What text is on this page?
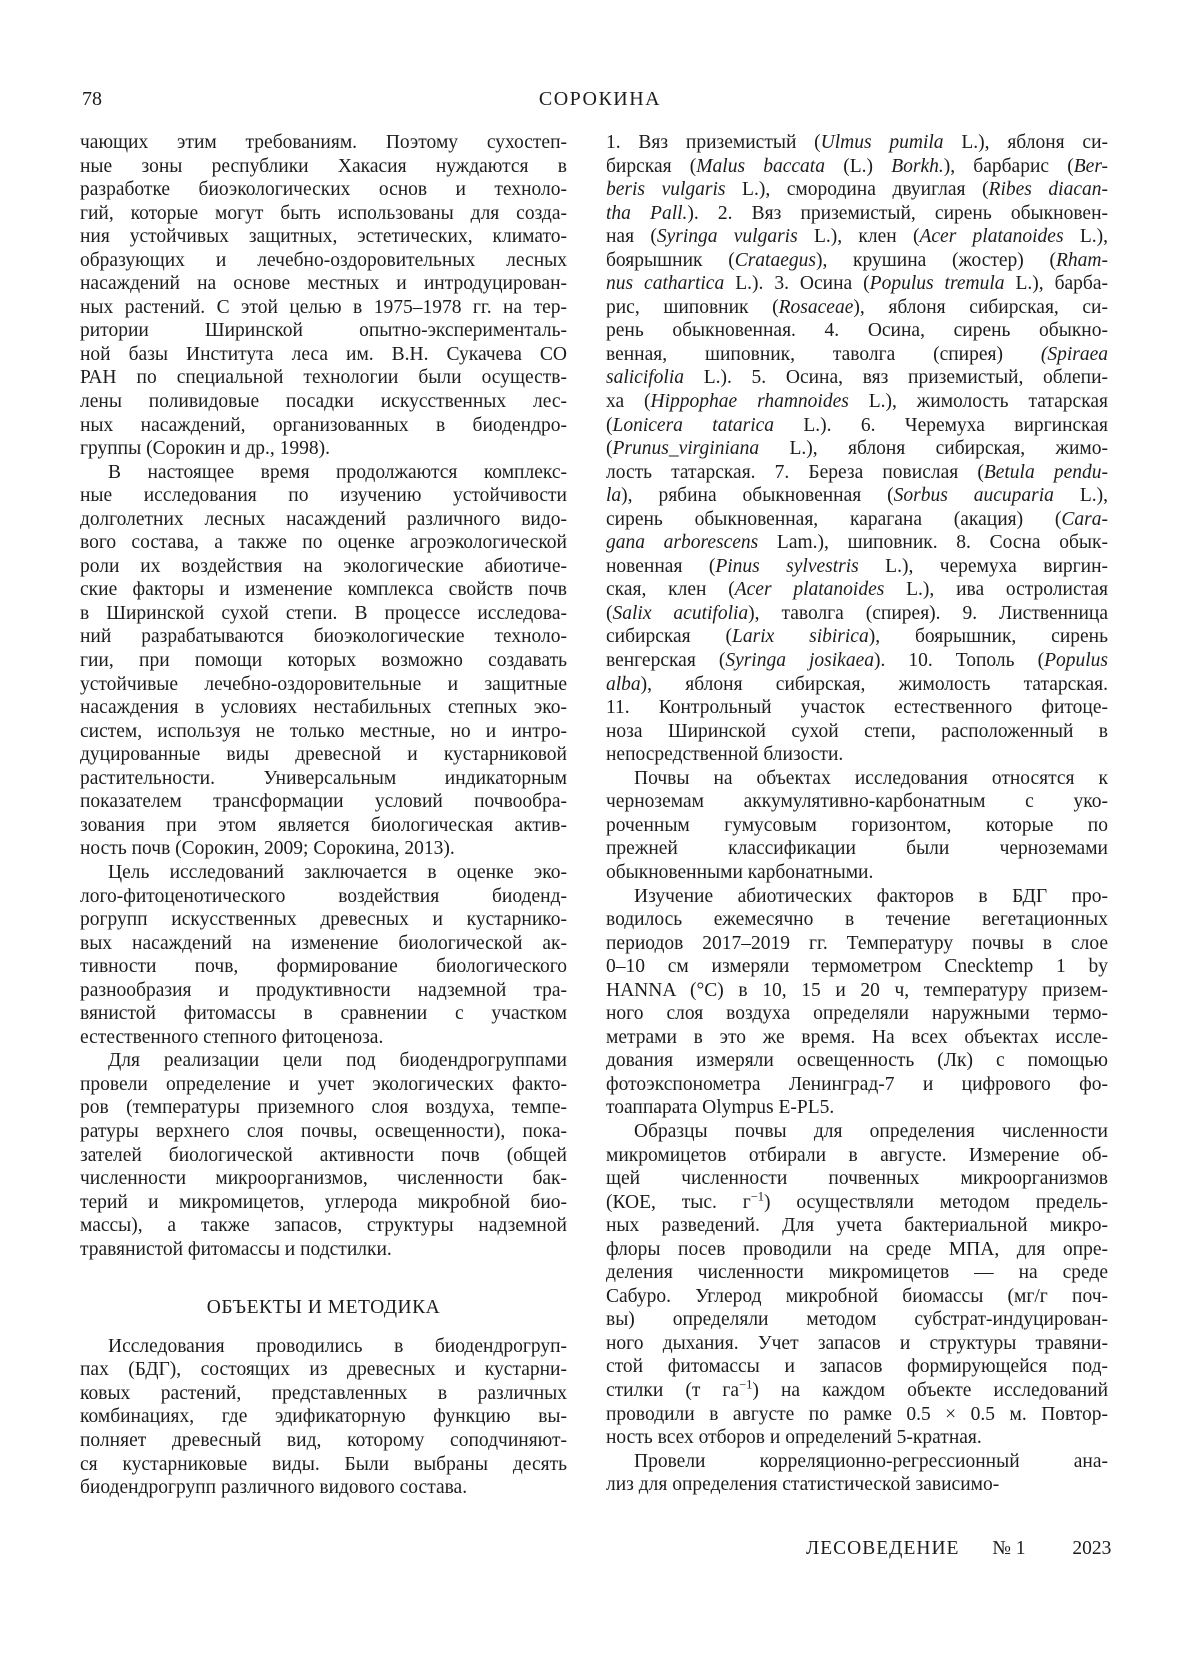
78	СОРОКИНА
чающих этим требованиям. Поэтому сухостеп-
ные зоны республики Хакасия нуждаются в
разработке биоэкологических основ и техноло-
гий, которые могут быть использованы для созда-
ния устойчивых защитных, эстетических, климато-
образующих и лечебно-оздоровительных лесных
насаждений на основе местных и интродуцирован-
ных растений. С этой целью в 1975–1978 гг. на тер-
ритории Ширинской опытно-эксперименталь-
ной базы Института леса им. В.Н. Сукачева СО
РАН по специальной технологии были осуществ-
лены поливидовые посадки искусственных лес-
ных насаждений, организованных в биодендро-
группы (Сорокин и др., 1998).
В настоящее время продолжаются комплекс-
ные исследования по изучению устойчивости
долголетних лесных насаждений различного видо-
вого состава, а также по оценке агроэкологической
роли их воздействия на экологические абиотиче-
ские факторы и изменение комплекса свойств почв
в Ширинской сухой степи. В процессе исследова-
ний разрабатываются биоэкологические техноло-
гии, при помощи которых возможно создавать
устойчивые лечебно-оздоровительные и защитные
насаждения в условиях нестабильных степных эко-
систем, используя не только местные, но и интро-
дуцированные виды древесной и кустарниковой
растительности. Универсальным индикаторным
показателем трансформации условий почвообра-
зования при этом является биологическая актив-
ность почв (Сорокин, 2009; Сорокина, 2013).
Цель исследований заключается в оценке эко-
лого-фитоценотического воздействия биоденд-
рогрупп искусственных древесных и кустарнико-
вых насаждений на изменение биологической ак-
тивности почв, формирование биологического
разнообразия и продуктивности надземной тра-
вянистой фитомассы в сравнении с участком
естественного степного фитоценоза.
Для реализации цели под биодендрогруппами
провели определение и учет экологических факто-
ров (температуры приземного слоя воздуха, темпе-
ратуры верхнего слоя почвы, освещенности), пока-
зателей биологической активности почв (общей
численности микроорганизмов, численности бак-
терий и микромицетов, углерода микробной био-
массы), а также запасов, структуры надземной
травянистой фитомассы и подстилки.
ОБЪЕКТЫ И МЕТОДИКА
Исследования проводились в биодендрогруп-
пах (БДГ), состоящих из древесных и кустарни-
ковых растений, представленных в различных
комбинациях, где эдификаторную функцию вы-
полняет древесный вид, которому соподчиняют-
ся кустарниковые виды. Были выбраны десять
биодендрогрупп различного видового состава.
1. Вяз приземистый (Ulmus pumila L.), яблоня си-
бирская (Malus baccata (L.) Borkh.), барбарис (Ber-
beris vulgaris L.), смородина двуиглая (Ribes diacan-
tha Pall.). 2. Вяз приземистый, сирень обыкновен-
ная (Syringa vulgaris L.), клен (Acer platanoides L.),
боярышник (Crataegus), крушина (жостер) (Rham-
nus cathartica L.). 3. Осина (Populus tremula L.), барба-
рис, шиповник (Rosaceae), яблоня сибирская, си-
рень обыкновенная. 4. Осина, сирень обыкно-
венная, шиповник, таволга (спирея) (Spiraea
salicifolia L.). 5. Осина, вяз приземистый, облепи-
ха (Hippophae rhamnoides L.), жимолость татарская
(Lonicera tatarica L.). 6. Черемуха виргинская
(Prunus_virginiana L.), яблоня сибирская, жимо-
лость татарская. 7. Береза повислая (Betula pendu-
la), рябина обыкновенная (Sorbus aucuparia L.),
сирень обыкновенная, карагана (акация) (Cara-
gana arborescens Lam.), шиповник. 8. Сосна обык-
новенная (Pinus sylvestris L.), черемуха виргин-
ская, клен (Acer platanoides L.), ива остролистая
(Salix acutifolia), таволга (спирея). 9. Лиственница
сибирская (Larix sibirica), боярышник, сирень
венгерская (Syringa josikaea). 10. Тополь (Populus
alba), яблоня сибирская, жимолость татарская.
11. Контрольный участок естественного фитоце-
ноза Ширинской сухой степи, расположенный в
непосредственной близости.
Почвы на объектах исследования относятся к
черноземам аккумулятивно-карбонатным с уко-
роченным гумусовым горизонтом, которые по
прежней классификации были черноземами
обыкновенными карбонатными.
Изучение абиотических факторов в БДГ про-
водилось ежемесячно в течение вегетационных
периодов 2017–2019 гг. Температуру почвы в слое
0–10 см измеряли термометром Cnecktemp 1 by
HANNA (°C) в 10, 15 и 20 ч, температуру призем-
ного слоя воздуха определяли наружными термо-
метрами в это же время. На всех объектах иссле-
дования измеряли освещенность (Лк) с помощью
фотоэкспонометра Ленинград-7 и цифрового фо-
тоаппарата Olympus E-PL5.
Образцы почвы для определения численности
микромицетов отбирали в августе. Измерение об-
щей численности почвенных микроорганизмов
(КОЕ, тыс. $г^{-1}$) осуществляли методом предель-
ных разведений. Для учета бактериальной микро-
флоры посев проводили на среде МПА, для опре-
деления численности микромицетов — на среде
Сабуро. Углерод микробной биомассы (мг/г поч-
вы) определяли методом субстрат-индуцирован-
ного дыхания. Учет запасов и структуры травяни-
стой фитомассы и запасов формирующейся под-
стилки (т $га^{-1}$) на каждом объекте исследований
проводили в августе по рамке 0.5 × 0.5 м. Повтор-
ность всех отборов и определений 5-кратная.
Провели корреляционно-регрессионный ана-
лиз для определения статистической зависимо-
ЛЕСОВЕДЕНИЕ № 1 2023
